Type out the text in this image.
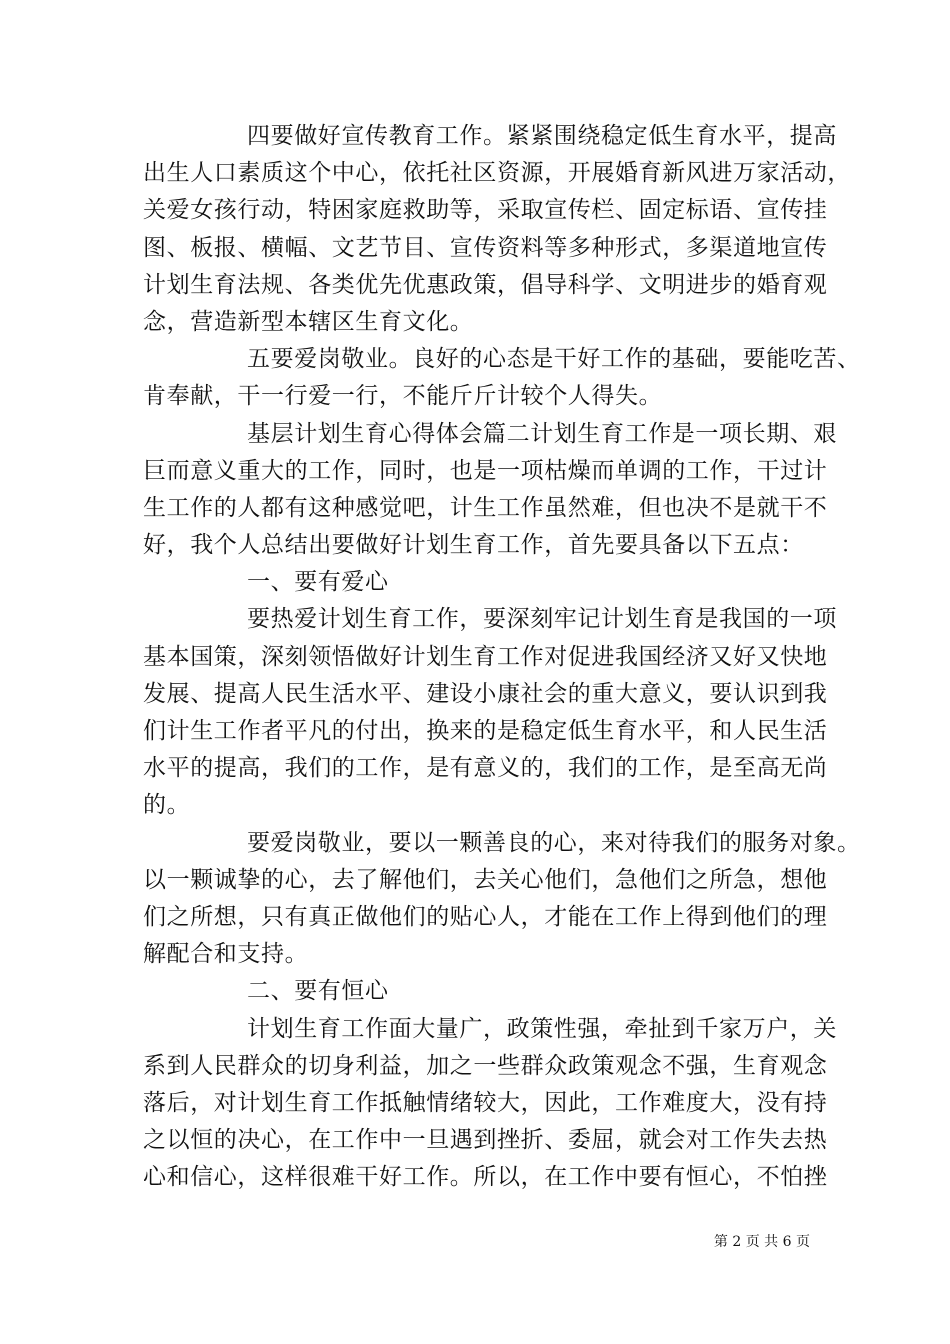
四要做好宣传教育工作。紧紧围绕稳定低生育水平，提高
出生人口素质这个中心，依托社区资源，开展婚育新风进万家活动，
关爱女孩行动，特困家庭救助等，采取宣传栏、固定标语、宣传挂
图、板报、横幅、文艺节目、宣传资料等多种形式，多渠道地宣传
计划生育法规、各类优先优惠政策，倡导科学、文明进步的婚育观
念，营造新型本辖区生育文化。
五要爱岗敬业。良好的心态是干好工作的基础，要能吃苦、
肯奉献，干一行爱一行，不能斤斤计较个人得失。
基层计划生育心得体会篇二计划生育工作是一项长期、艰
巨而意义重大的工作，同时，也是一项枯燥而单调的工作，干过计
生工作的人都有这种感觉吧，计生工作虽然难，但也决不是就干不
好，我个人总结出要做好计划生育工作，首先要具备以下五点：
一、要有爱心
要热爱计划生育工作，要深刻牢记计划生育是我国的一项
基本国策，深刻领悟做好计划生育工作对促进我国经济又好又快地
发展、提高人民生活水平、建设小康社会的重大意义，要认识到我
们计生工作者平凡的付出，换来的是稳定低生育水平，和人民生活
水平的提高，我们的工作，是有意义的，我们的工作，是至高无尚
的。
要爱岗敬业，要以一颗善良的心，来对待我们的服务对象。
以一颗诚挚的心，去了解他们，去关心他们，急他们之所急，想他
们之所想，只有真正做他们的贴心人，才能在工作上得到他们的理
解配合和支持。
二、要有恒心
计划生育工作面大量广，政策性强，牵扯到千家万户，关
系到人民群众的切身利益，加之一些群众政策观念不强，生育观念
落后，对计划生育工作抵触情绪较大，因此，工作难度大，没有持
之以恒的决心，在工作中一旦遇到挫折、委屈，就会对工作失去热
心和信心，这样很难干好工作。所以，在工作中要有恒心，不怕挫
第 2 页 共 6 页
